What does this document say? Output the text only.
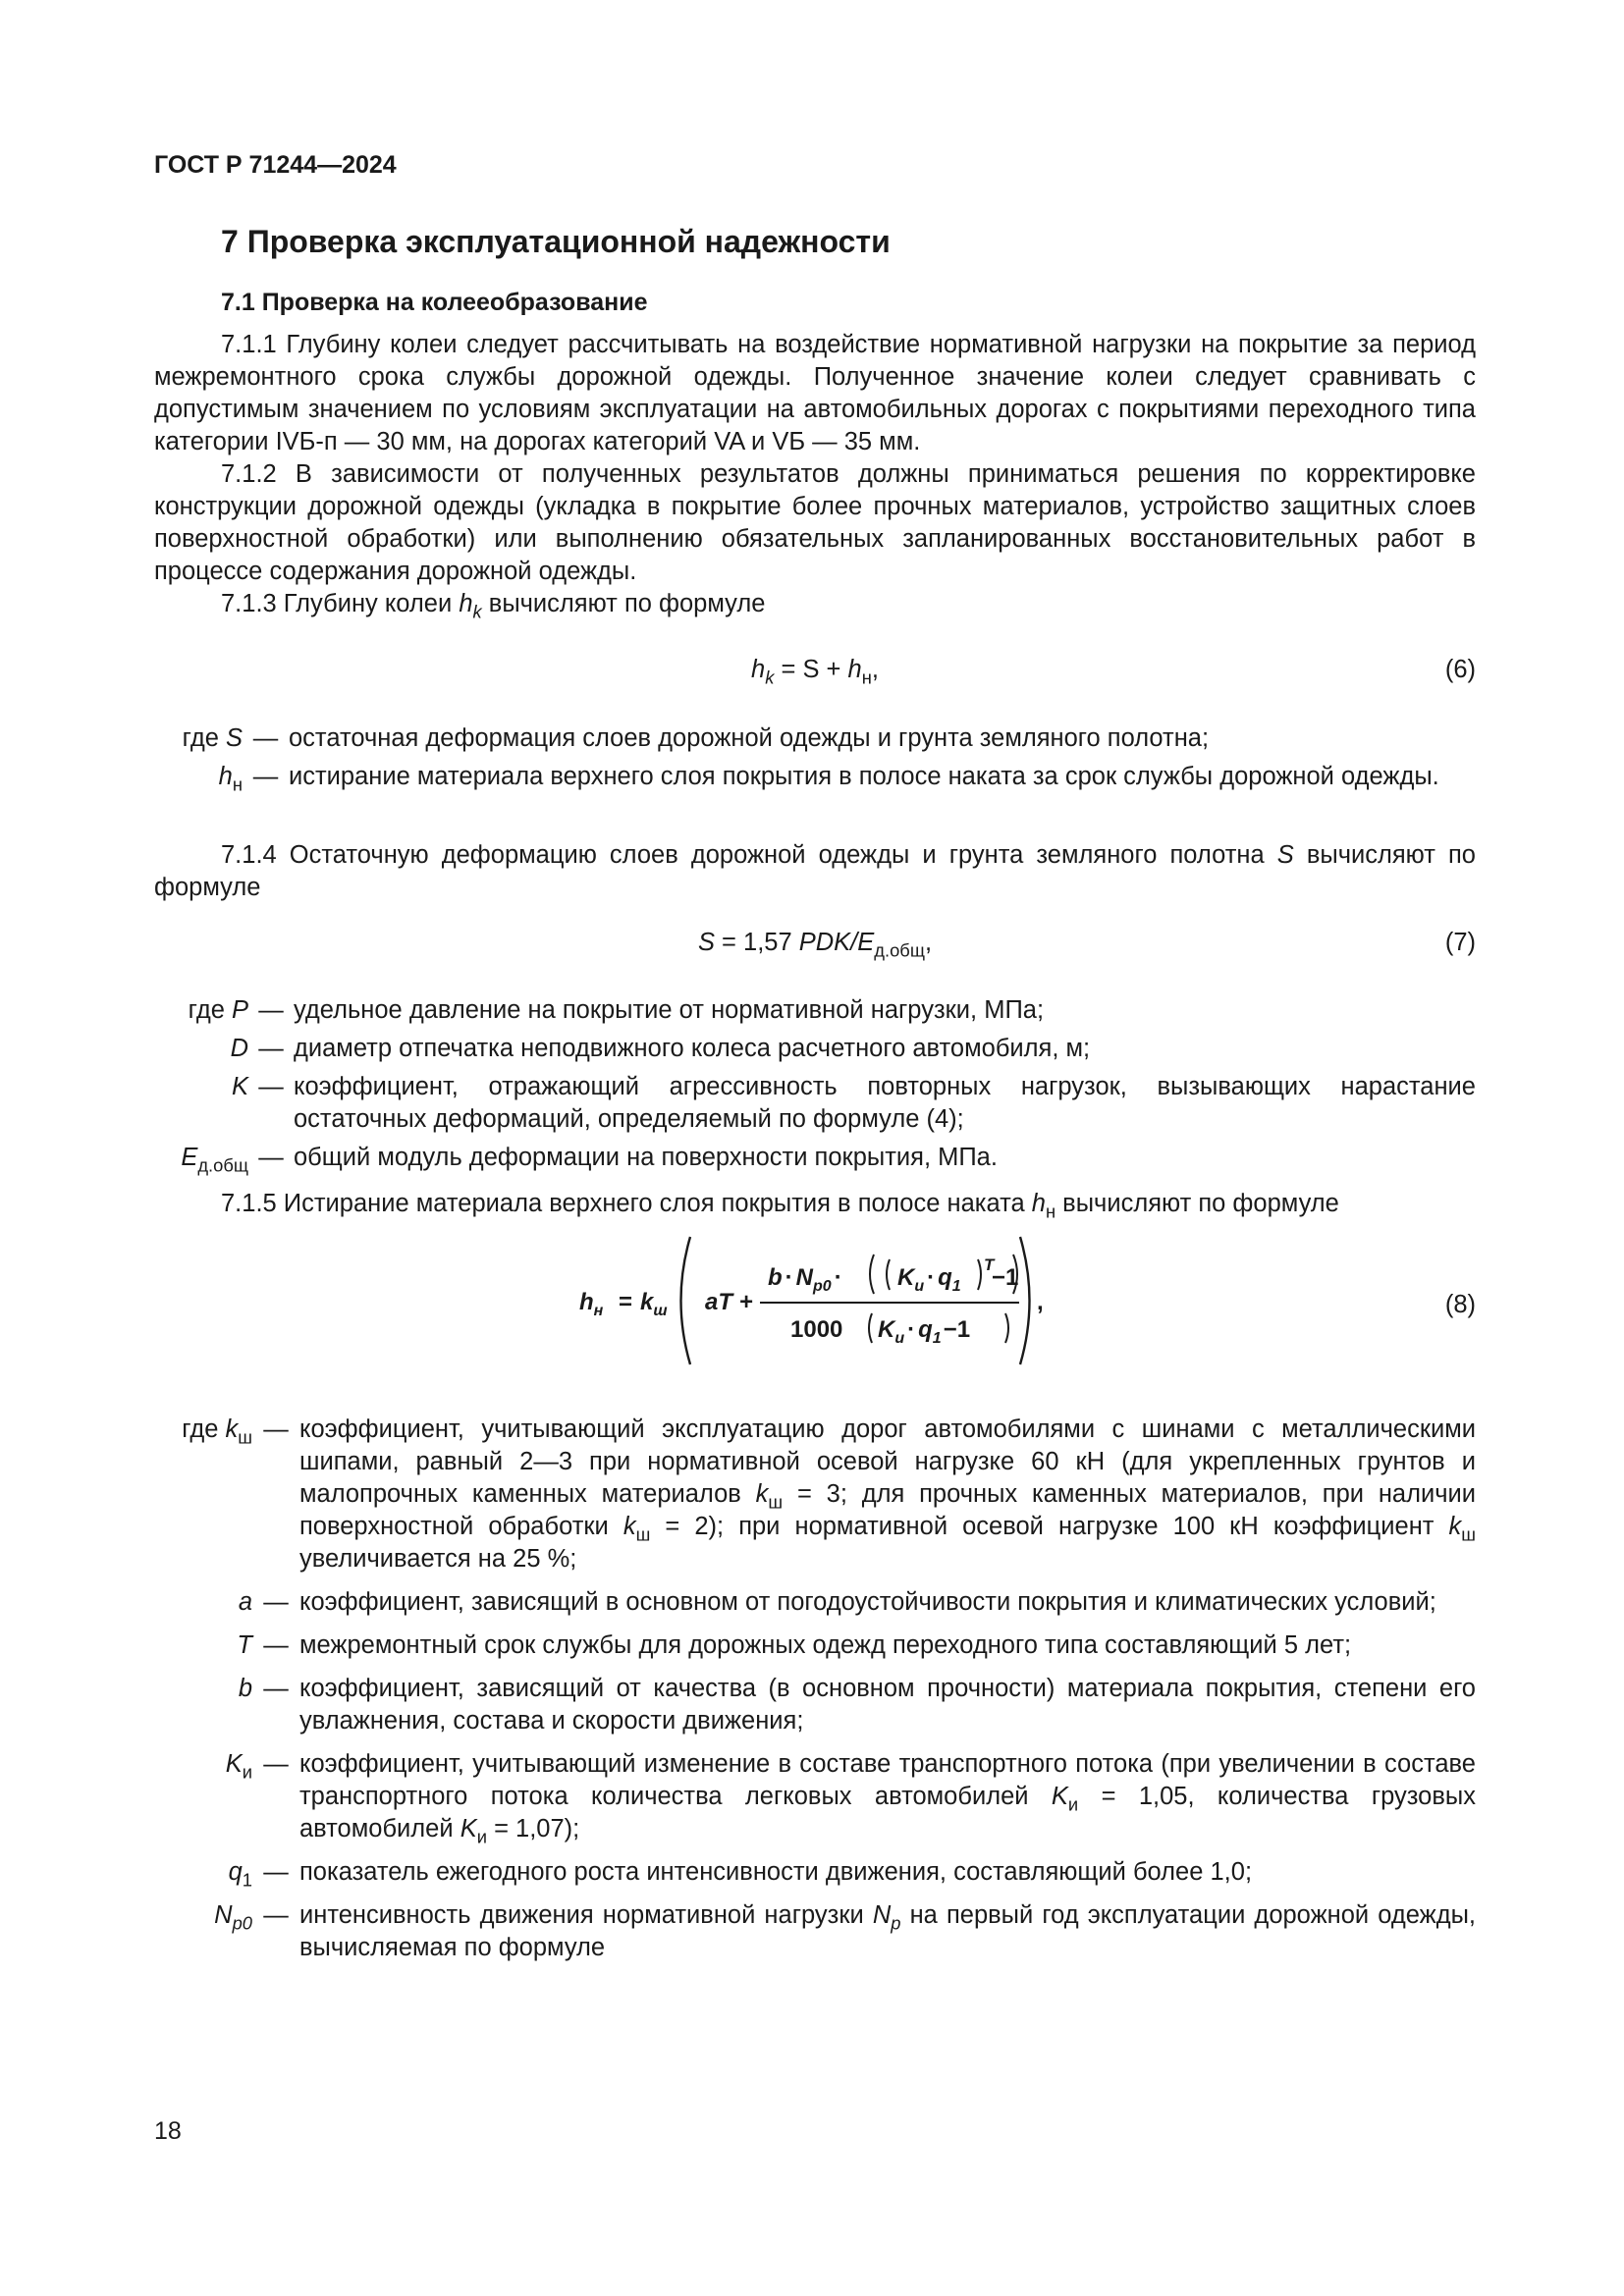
ГОСТ Р 71244—2024
7 Проверка эксплуатационной надежности
7.1 Проверка на колееобразование

7.1.1 Глубину колеи следует рассчитывать на воздействие нормативной нагрузки на покрытие за период межремонтного срока службы дорожной одежды. Полученное значение колеи следует сравнивать с допустимым значением по условиям эксплуатации на автомобильных дорогах с покрытиями переходного типа категории IVБ-п — 30 мм, на дорогах категорий VA и VБ — 35 мм.

7.1.2 В зависимости от полученных результатов должны приниматься решения по корректировке конструкции дорожной одежды (укладка в покрытие более прочных материалов, устройство защитных слоев поверхностной обработки) или выполнению обязательных запланированных восстановительных работ в процессе содержания дорожной одежды.

7.1.3 Глубину колеи $h_k$ вычисляют по формуле

$h_k = S + h_н$,	(6)
где S — остаточная деформация слоев дорожной одежды и грунта земляного полотна;
$h_н$ — истирание материала верхнего слоя покрытия в полосе наката за срок службы дорожной одежды.

7.1.4 Остаточную деформацию слоев дорожной одежды и грунта земляного полотна S вычисляют по формуле

S = 1,57 PDK/$E_{д.общ}$,	(7)
где P — удельное давление на покрытие от нормативной нагрузки, МПа;
D — диаметр отпечатка неподвижного колеса расчетного автомобиля, м;
K — коэффициент, отражающий агрессивность повторных нагрузок, вызывающих нарастание остаточных деформаций, определяемый по формуле (4);
$E_{д.общ}$ — общий модуль деформации на поверхности покрытия, МПа.

7.1.5 Истирание материала верхнего слоя покрытия в полосе наката $h_н$ вычисляют по формуле

$h_н = k_ш$ aT +
$b \cdot N_{p0} \cdot K_и \cdot q_1$
T
−1
1000 $K_и \cdot q_1-1$
,	(8)
где $k_ш$ — коэффициент, учитывающий эксплуатацию дорог автомобилями с шинами с металлическими шипами, равный 2—3 при нормативной осевой нагрузке 60 кН (для укрепленных грунтов и малопрочных каменных материалов $k_ш = 3$; для прочных каменных материалов, при наличии поверхностной обработки $k_ш = 2$); при нормативной осевой нагрузке 100 кН коэффициент $k_ш$ увеличивается на 25 %;
a — коэффициент, зависящий в основном от погодоустойчивости покрытия и климатических условий;
T — межремонтный срок службы для дорожных одежд переходного типа составляющий 5 лет;
b — коэффициент, зависящий от качества (в основном прочности) материала покрытия, степени его увлажнения, состава и скорости движения;
$K_и$ — коэффициент, учитывающий изменение в составе транспортного потока (при увеличении в составе транспортного потока количества легковых автомобилей $K_и = 1,05$, количества грузовых автомобилей $K_и = 1,07$);
$q_1$ — показатель ежегодного роста интенсивности движения, составляющий более 1,0;
$N_{p0}$ — интенсивность движения нормативной нагрузки $N_p$ на первый год эксплуатации дорожной одежды, вычисляемая по формуле
18
